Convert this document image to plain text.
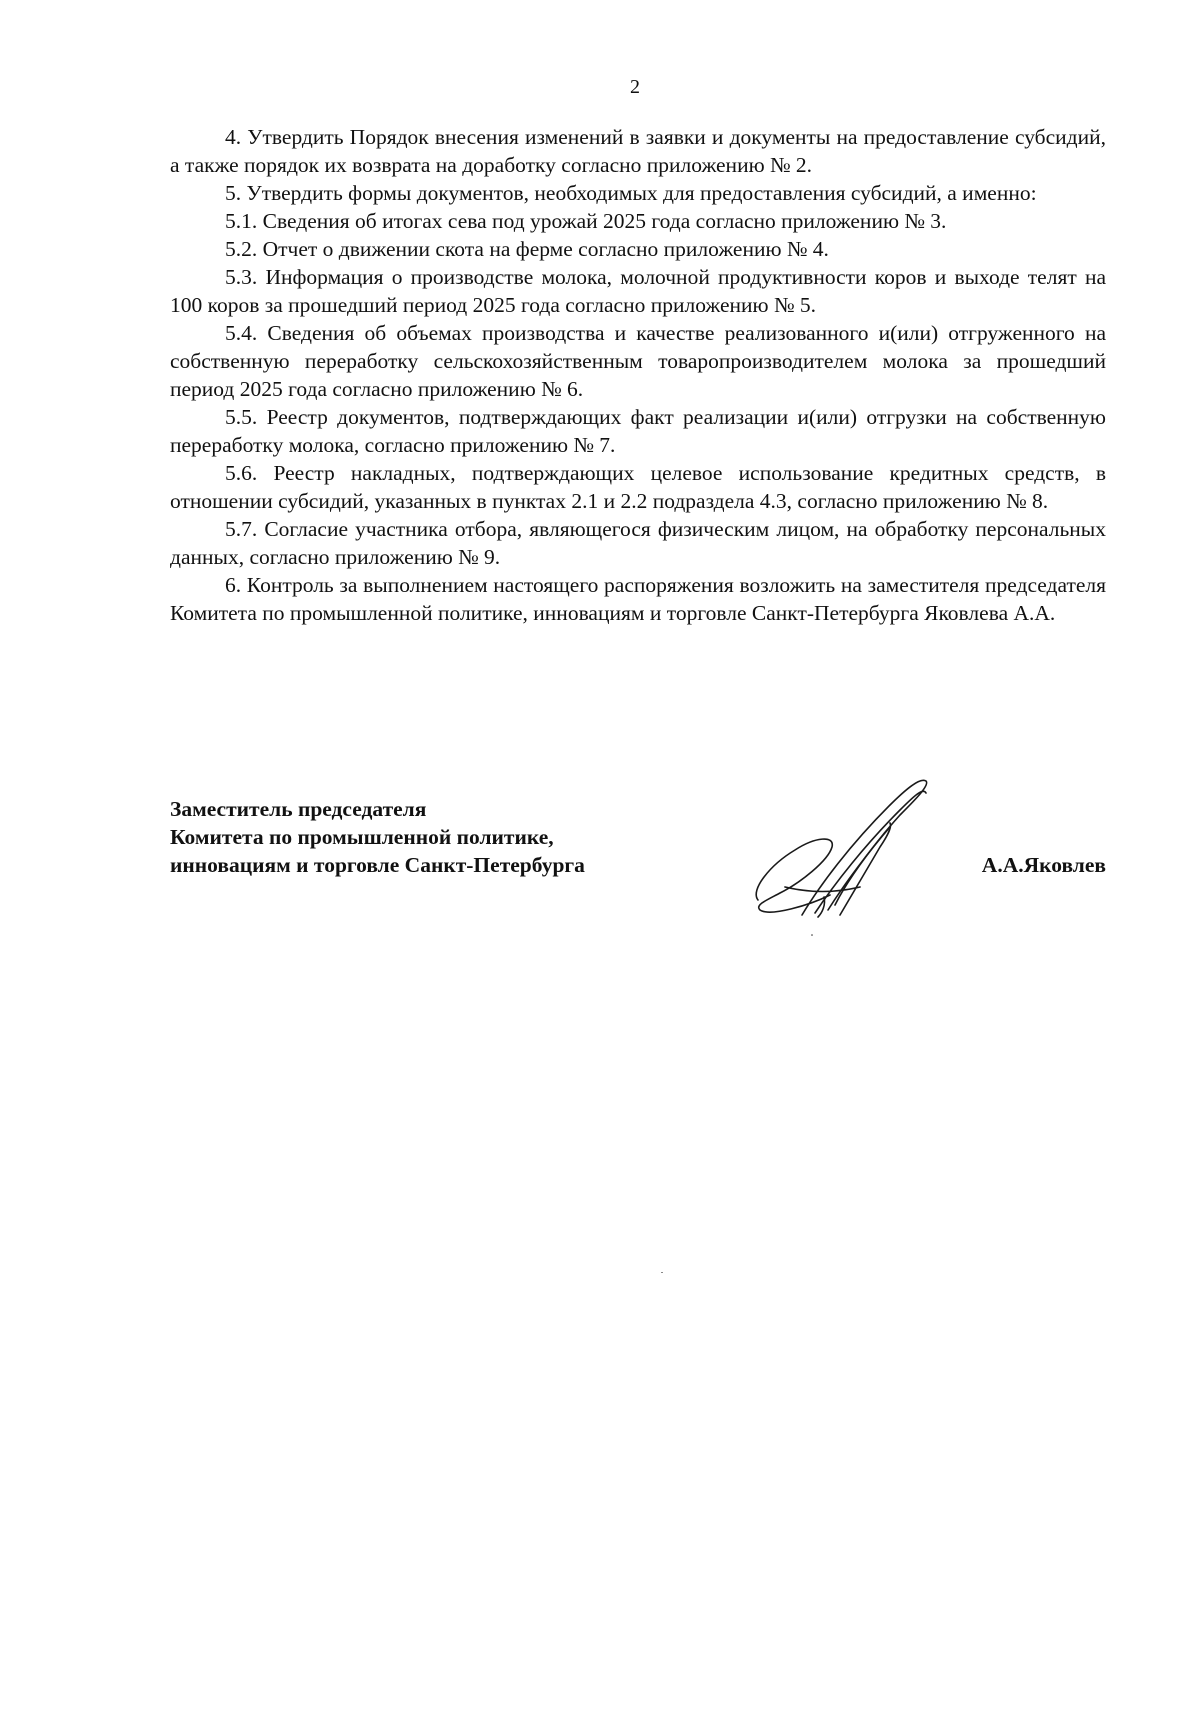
2

4. Утвердить Порядок внесения изменений в заявки и документы на предоставление субсидий, а также порядок их возврата на доработку согласно приложению № 2.

5. Утвердить формы документов, необходимых для предоставления субсидий, а именно:

5.1. Сведения об итогах сева под урожай 2025 года согласно приложению № 3.

5.2. Отчет о движении скота на ферме согласно приложению № 4.

5.3. Информация о производстве молока, молочной продуктивности коров и выходе телят на 100 коров за прошедший период 2025 года согласно приложению № 5.

5.4. Сведения об объемах производства и качестве реализованного и(или) отгруженного на собственную переработку сельскохозяйственным товаропроизводителем молока за прошедший период 2025 года согласно приложению № 6.

5.5. Реестр документов, подтверждающих факт реализации и(или) отгрузки на собственную переработку молока, согласно приложению № 7.

5.6. Реестр накладных, подтверждающих целевое использование кредитных средств, в отношении субсидий, указанных в пунктах 2.1 и 2.2 подраздела 4.3, согласно приложению № 8.

5.7. Согласие участника отбора, являющегося физическим лицом, на обработку персональных данных, согласно приложению № 9.

6. Контроль за выполнением настоящего распоряжения возложить на заместителя председателя Комитета по промышленной политике, инновациям и торговле Санкт-Петербурга Яковлева А.А.

Заместитель председателя
Комитета по промышленной политике,
инновациям и торговле Санкт-Петербурга	А.А.Яковлев
